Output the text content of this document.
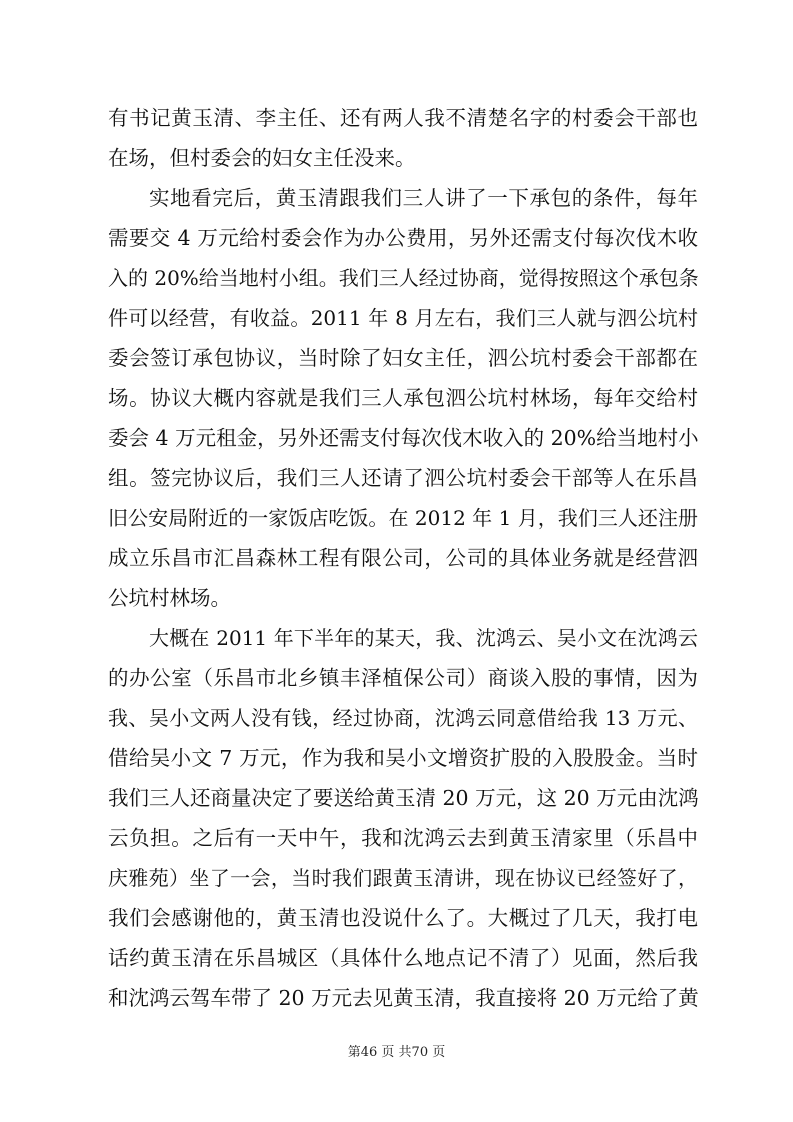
有书记黄玉清、李主任、还有两人我不清楚名字的村委会干部也
在场，但村委会的妇女主任没来。
实地看完后，黄玉清跟我们三人讲了一下承包的条件，每年
需要交 4 万元给村委会作为办公费用，另外还需支付每次伐木收
入的 20%给当地村小组。我们三人经过协商，觉得按照这个承包条
件可以经营，有收益。2011 年 8 月左右，我们三人就与泗公坑村
委会签订承包协议，当时除了妇女主任，泗公坑村委会干部都在
场。协议大概内容就是我们三人承包泗公坑村林场，每年交给村
委会 4 万元租金，另外还需支付每次伐木收入的 20%给当地村小
组。签完协议后，我们三人还请了泗公坑村委会干部等人在乐昌
旧公安局附近的一家饭店吃饭。在 2012 年 1 月，我们三人还注册
成立乐昌市汇昌森林工程有限公司，公司的具体业务就是经营泗
公坑村林场。
大概在 2011 年下半年的某天，我、沈鸿云、吴小文在沈鸿云
的办公室（乐昌市北乡镇丰泽植保公司）商谈入股的事情，因为
我、吴小文两人没有钱，经过协商，沈鸿云同意借给我 13 万元、
借给吴小文 7 万元，作为我和吴小文增资扩股的入股股金。当时
我们三人还商量决定了要送给黄玉清 20 万元，这 20 万元由沈鸿
云负担。之后有一天中午，我和沈鸿云去到黄玉清家里（乐昌中
庆雅苑）坐了一会，当时我们跟黄玉清讲，现在协议已经签好了，
我们会感谢他的，黄玉清也没说什么了。大概过了几天，我打电
话约黄玉清在乐昌城区（具体什么地点记不清了）见面，然后我
和沈鸿云驾车带了 20 万元去见黄玉清，我直接将 20 万元给了黄
第46 页 共70 页
